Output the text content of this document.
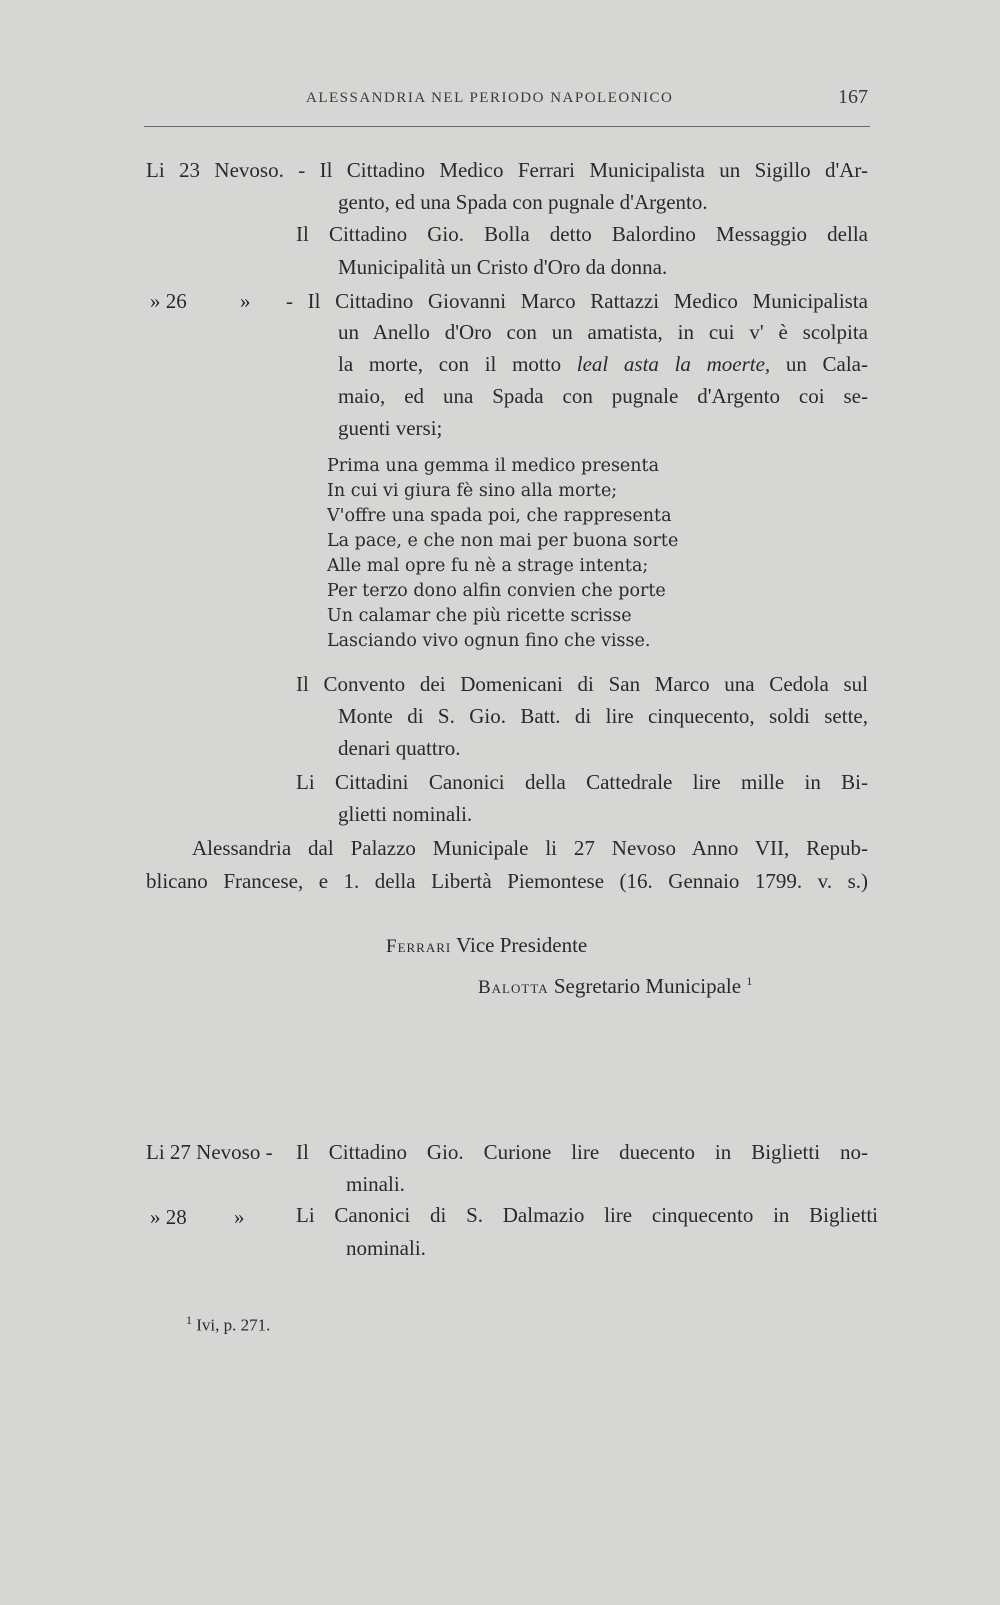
ALESSANDRIA NEL PERIODO NAPOLEONICO	167
Li 23 Nevoso. - Il Cittadino Medico Ferrari Municipalista un Sigillo d'Ar-
gento, ed una Spada con pugnale d'Argento.
Il Cittadino Gio. Bolla detto Balordino Messaggio della
Municipalità un Cristo d'Oro da donna.
» 26	» - Il Cittadino Giovanni Marco Rattazzi Medico Municipalista
un Anello d'Oro con un amatista, in cui v' è scolpita
la morte, con il motto leal asta la moerte, un Cala-
maio, ed una Spada con pugnale d'Argento coi se-
guenti versi;
Prima una gemma il medico presenta
In cui vi giura fè sino alla morte;
V'offre una spada poi, che rappresenta
La pace, e che non mai per buona sorte
Alle mal opre fu nè a strage intenta;
Per terzo dono alfin convien che porte
Un calamar che più ricette scrisse
Lasciando vivo ognun fino che visse.
Il Convento dei Domenicani di San Marco una Cedola sul
Monte di S. Gio. Batt. di lire cinquecento, soldi sette,
denari quattro.
Li Cittadini Canonici della Cattedrale lire mille in Bi-
glietti nominali.
Alessandria dal Palazzo Municipale li 27 Nevoso Anno VII, Repub-
blicano Francese, e 1. della Libertà Piemontese (16. Gennaio 1799. v. s.)
Ferrari Vice Presidente
Balotta Segretario Municipale $^1$
Li 27 Nevoso - Il Cittadino Gio. Curione lire duecento in Biglietti no-
minali.
» 28 » Li Canonici di S. Dalmazio lire cinquecento in Biglietti
nominali.
$^1$ Ivi, p. 271.
